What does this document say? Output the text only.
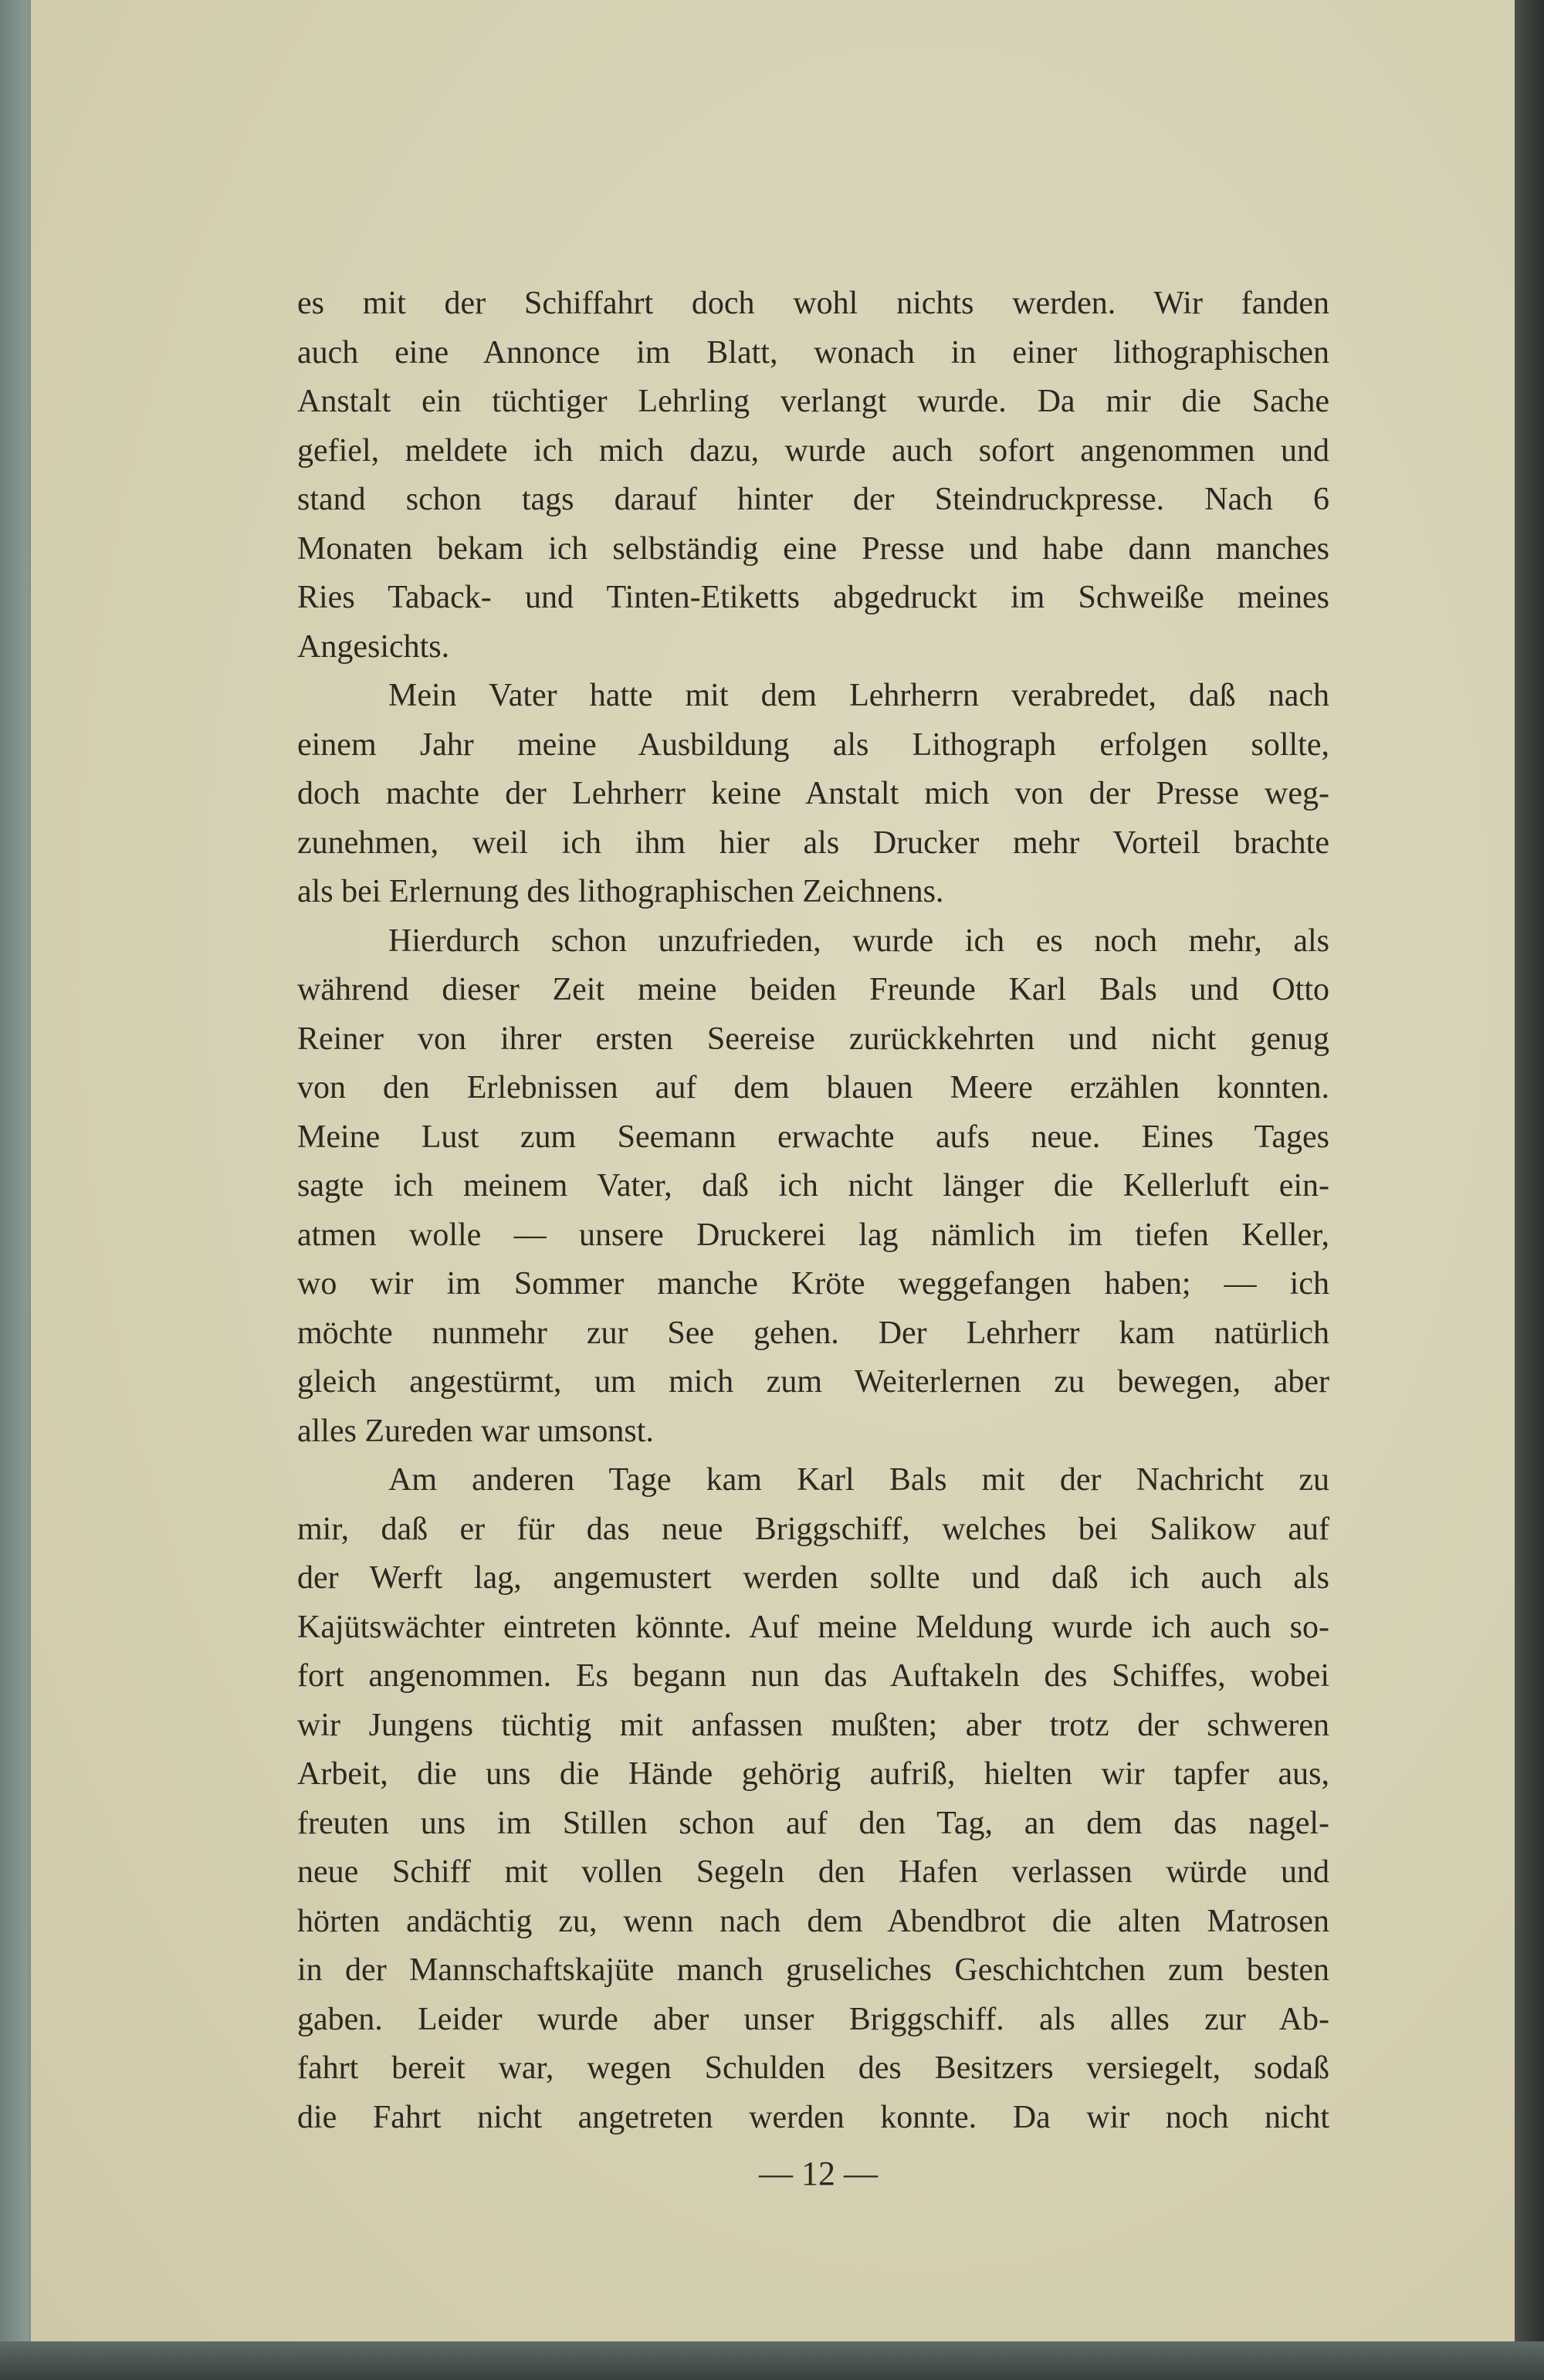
es mit der Schiffahrt doch wohl nichts werden. Wir fanden
auch eine Annonce im Blatt, wonach in einer lithographischen
Anstalt ein tüchtiger Lehrling verlangt wurde. Da mir die Sache
gefiel, meldete ich mich dazu, wurde auch sofort angenommen und
stand schon tags darauf hinter der Steindruckpresse. Nach 6
Monaten bekam ich selbständig eine Presse und habe dann manches
Ries Taback- und Tinten-Etiketts abgedruckt im Schweiße meines
Angesichts.
Mein Vater hatte mit dem Lehrherrn verabredet, daß nach
einem Jahr meine Ausbildung als Lithograph erfolgen sollte,
doch machte der Lehrherr keine Anstalt mich von der Presse weg-
zunehmen, weil ich ihm hier als Drucker mehr Vorteil brachte
als bei Erlernung des lithographischen Zeichnens.
Hierdurch schon unzufrieden, wurde ich es noch mehr, als
während dieser Zeit meine beiden Freunde Karl Bals und Otto
Reiner von ihrer ersten Seereise zurückkehrten und nicht genug
von den Erlebnissen auf dem blauen Meere erzählen konnten.
Meine Lust zum Seemann erwachte aufs neue. Eines Tages
sagte ich meinem Vater, daß ich nicht länger die Kellerluft ein-
atmen wolle — unsere Druckerei lag nämlich im tiefen Keller,
wo wir im Sommer manche Kröte weggefangen haben; — ich
möchte nunmehr zur See gehen. Der Lehrherr kam natürlich
gleich angestürmt, um mich zum Weiterlernen zu bewegen, aber
alles Zureden war umsonst.
Am anderen Tage kam Karl Bals mit der Nachricht zu
mir, daß er für das neue Briggschiff, welches bei Salikow auf
der Werft lag, angemustert werden sollte und daß ich auch als
Kajütswächter eintreten könnte. Auf meine Meldung wurde ich auch so-
fort angenommen. Es begann nun das Auftakeln des Schiffes, wobei
wir Jungens tüchtig mit anfassen mußten; aber trotz der schweren
Arbeit, die uns die Hände gehörig aufriß, hielten wir tapfer aus,
freuten uns im Stillen schon auf den Tag, an dem das nagel-
neue Schiff mit vollen Segeln den Hafen verlassen würde und
hörten andächtig zu, wenn nach dem Abendbrot die alten Matrosen
in der Mannschaftskajüte manch gruseliches Geschichtchen zum besten
gaben. Leider wurde aber unser Briggschiff. als alles zur Ab-
fahrt bereit war, wegen Schulden des Besitzers versiegelt, sodaß
die Fahrt nicht angetreten werden konnte. Da wir noch nicht
— 12 —
